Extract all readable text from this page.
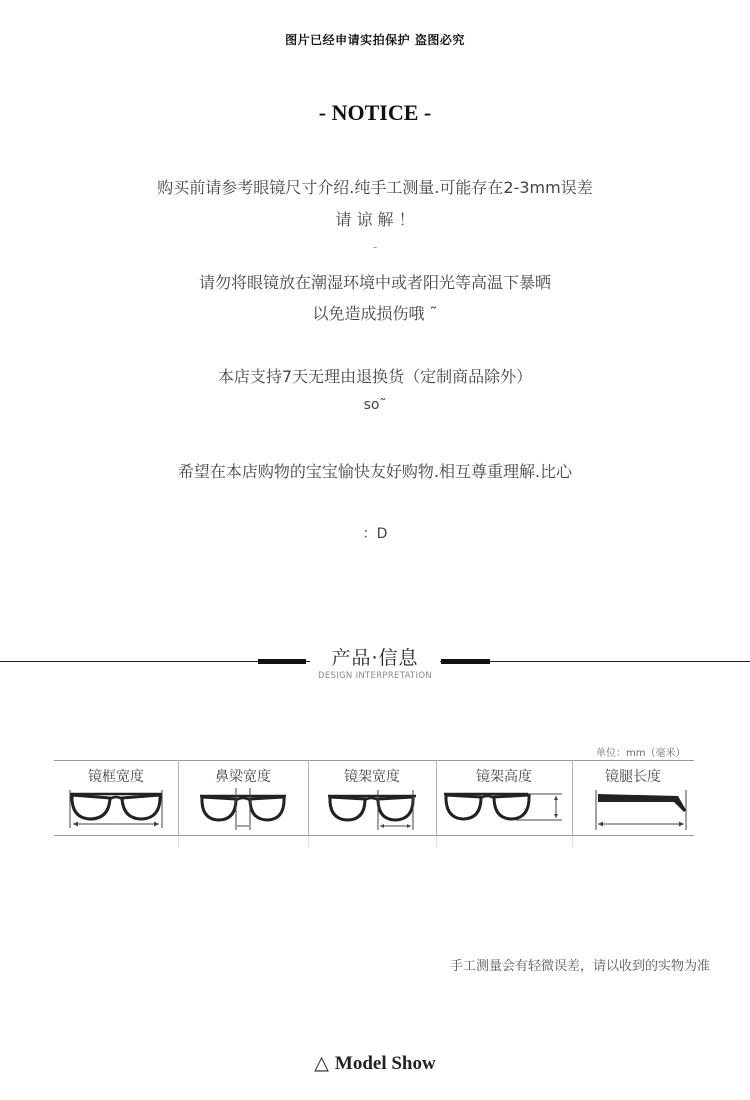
图片已经申请实拍保护 盗图必究
- NOTICE -
购买前请参考眼镜尺寸介绍.纯手工测量.可能存在2-3mm误差
请 谅 解 ！
-
请勿将眼镜放在潮湿环境中或者阳光等高温下暴晒
以免造成损伤哦 ˜
本店支持7天无理由退换货（定制商品除外）
so˜
希望在本店购物的宝宝愉快友好购物.相互尊重理解.比心
：D
产品·信息
DESIGN INTERPRETATION
单位：mm（毫米）
镜框宽度	鼻梁宽度	镜架宽度	镜架高度	镜腿长度
手工测量会有轻微误差，请以收到的实物为准
△ Model Show
